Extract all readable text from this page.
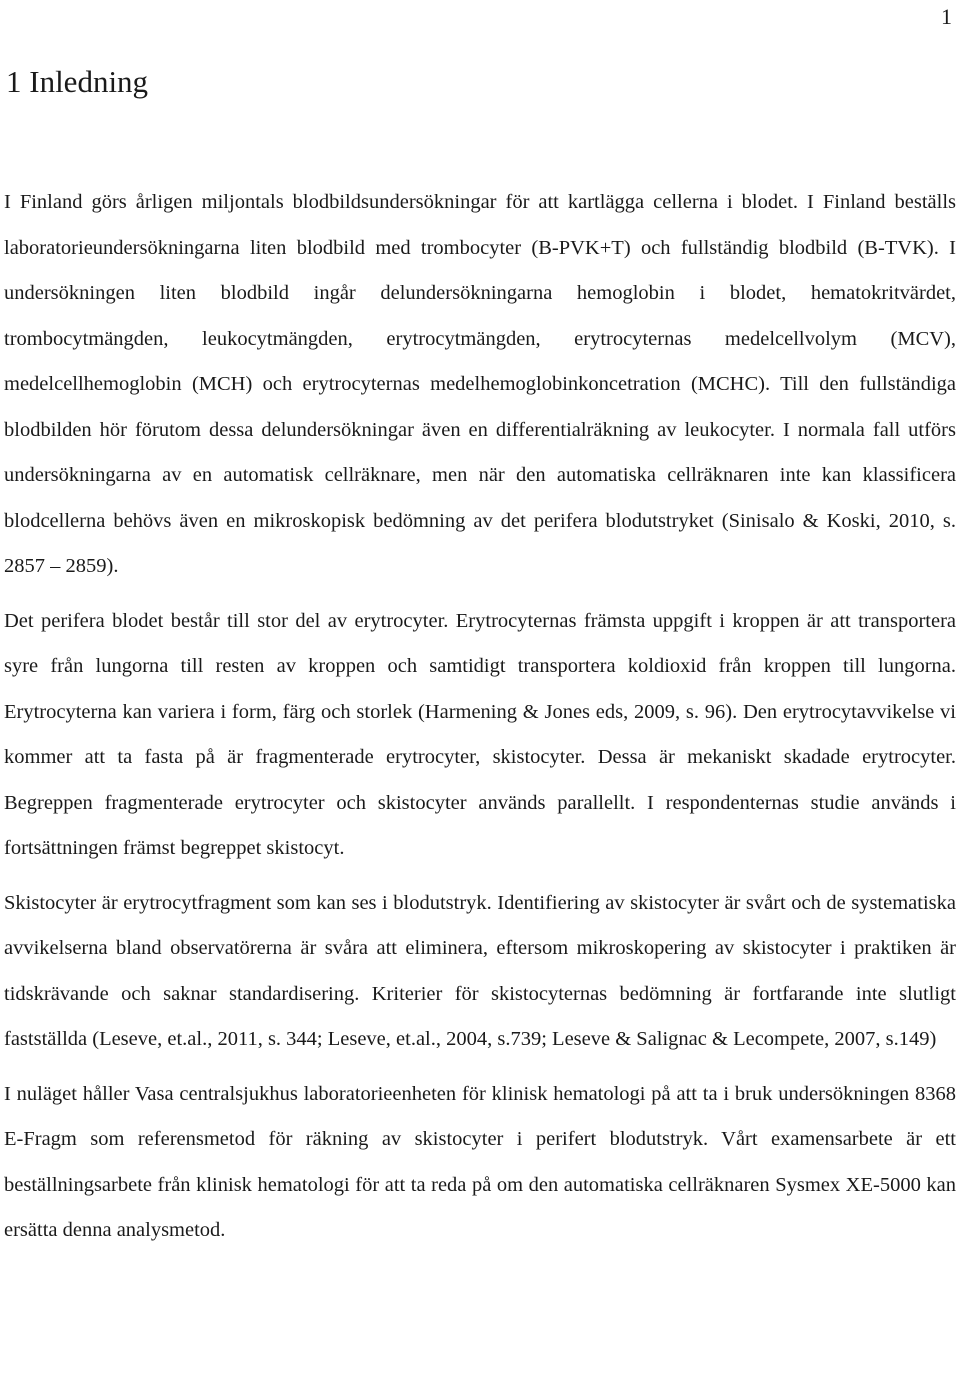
1
1 Inledning

I Finland görs årligen miljontals blodbildsundersökningar för att kartlägga cellerna i blodet. I Finland beställs laboratorieundersökningarna liten blodbild med trombocyter (B-PVK+T) och fullständig blodbild (B-TVK). I undersökningen liten blodbild ingår delundersökningarna hemoglobin i blodet, hematokritvärdet, trombocytmängden, leukocytmängden, erytrocytmängden, erytrocyternas medelcellvolym (MCV), medelcellhemoglobin (MCH) och erytrocyternas medelhemoglobinkoncetration (MCHC). Till den fullständiga blodbilden hör förutom dessa delundersökningar även en differentialräkning av leukocyter. I normala fall utförs undersökningarna av en automatisk cellräknare, men när den automatiska cellräknaren inte kan klassificera blodcellerna behövs även en mikroskopisk bedömning av det perifera blodutstryket (Sinisalo & Koski, 2010, s. 2857 – 2859).

Det perifera blodet består till stor del av erytrocyter. Erytrocyternas främsta uppgift i kroppen är att transportera syre från lungorna till resten av kroppen och samtidigt transportera koldioxid från kroppen till lungorna. Erytrocyterna kan variera i form, färg och storlek (Harmening & Jones eds, 2009, s. 96). Den erytrocytavvikelse vi kommer att ta fasta på är fragmenterade erytrocyter, skistocyter. Dessa är mekaniskt skadade erytrocyter. Begreppen fragmenterade erytrocyter och skistocyter används parallellt. I respondenternas studie används i fortsättningen främst begreppet skistocyt.

Skistocyter är erytrocytfragment som kan ses i blodutstryk. Identifiering av skistocyter är svårt och de systematiska avvikelserna bland observatörerna är svåra att eliminera, eftersom mikroskopering av skistocyter i praktiken är tidskrävande och saknar standardisering. Kriterier för skistocyternas bedömning är fortfarande inte slutligt fastställda (Leseve, et.al., 2011, s. 344; Leseve, et.al., 2004, s.739; Leseve & Salignac & Lecompete, 2007, s.149)

I nuläget håller Vasa centralsjukhus laboratorieenheten för klinisk hematologi på att ta i bruk undersökningen 8368 E-Fragm som referensmetod för räkning av skistocyter i perifert blodutstryk. Vårt examensarbete är ett beställningsarbete från klinisk hematologi för att ta reda på om den automatiska cellräknaren Sysmex XE-5000 kan ersätta denna analysmetod.
